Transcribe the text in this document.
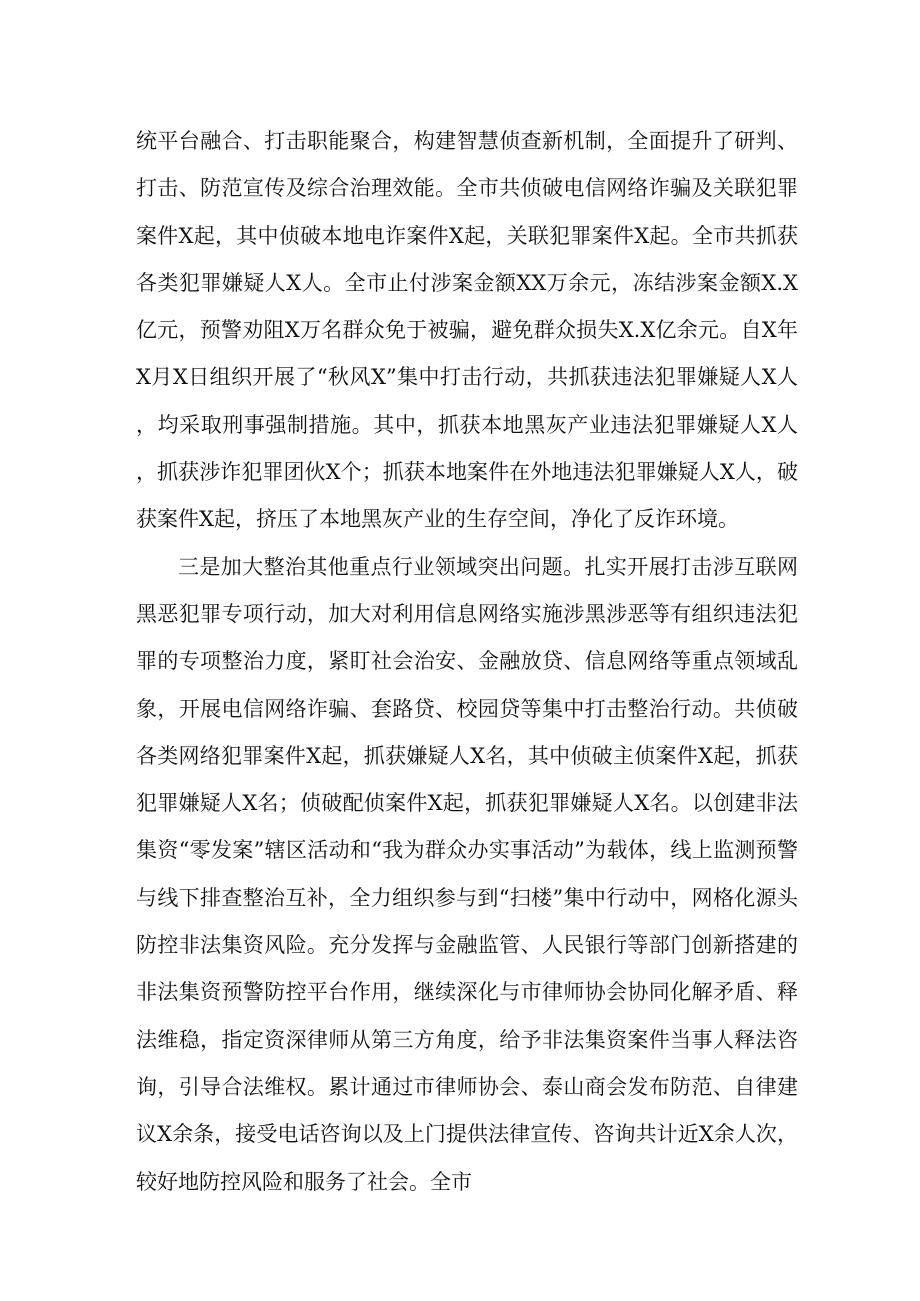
统平台融合、打击职能聚合，构建智慧侦查新机制，全面提升了研判、打击、防范宣传及综合治理效能。全市共侦破电信网络诈骗及关联犯罪案件X起，其中侦破本地电诈案件X起，关联犯罪案件X起。全市共抓获各类犯罪嫌疑人X人。全市止付涉案金额XX万余元，冻结涉案金额X.X亿元，预警劝阻X万名群众免于被骗，避免群众损失X.X亿余元。自X年X月X日组织开展了“秋风X”集中打击行动，共抓获违法犯罪嫌疑人X人，均采取刑事强制措施。其中，抓获本地黑灰产业违法犯罪嫌疑人X人，抓获涉诈犯罪团伙X个；抓获本地案件在外地违法犯罪嫌疑人X人，破获案件X起，挤压了本地黑灰产业的生存空间，净化了反诈环境。

三是加大整治其他重点行业领域突出问题。扎实开展打击涉互联网黑恶犯罪专项行动，加大对利用信息网络实施涉黑涉恶等有组织违法犯罪的专项整治力度，紧盯社会治安、金融放贷、信息网络等重点领域乱象，开展电信网络诈骗、套路贷、校园贷等集中打击整治行动。共侦破各类网络犯罪案件X起，抓获嫌疑人X名，其中侦破主侦案件X起，抓获犯罪嫌疑人X名；侦破配侦案件X起，抓获犯罪嫌疑人X名。以创建非法集资“零发案”辖区活动和“我为群众办实事活动”为载体，线上监测预警与线下排查整治互补，全力组织参与到“扫楼”集中行动中，网格化源头防控非法集资风险。充分发挥与金融监管、人民银行等部门创新搭建的非法集资预警防控平台作用，继续深化与市律师协会协同化解矛盾、释法维稳，指定资深律师从第三方角度，给予非法集资案件当事人释法咨询，引导合法维权。累计通过市律师协会、泰山商会发布防范、自律建议X余条，接受电话咨询以及上门提供法律宣传、咨询共计近X余人次，较好地防控风险和服务了社会。全市
